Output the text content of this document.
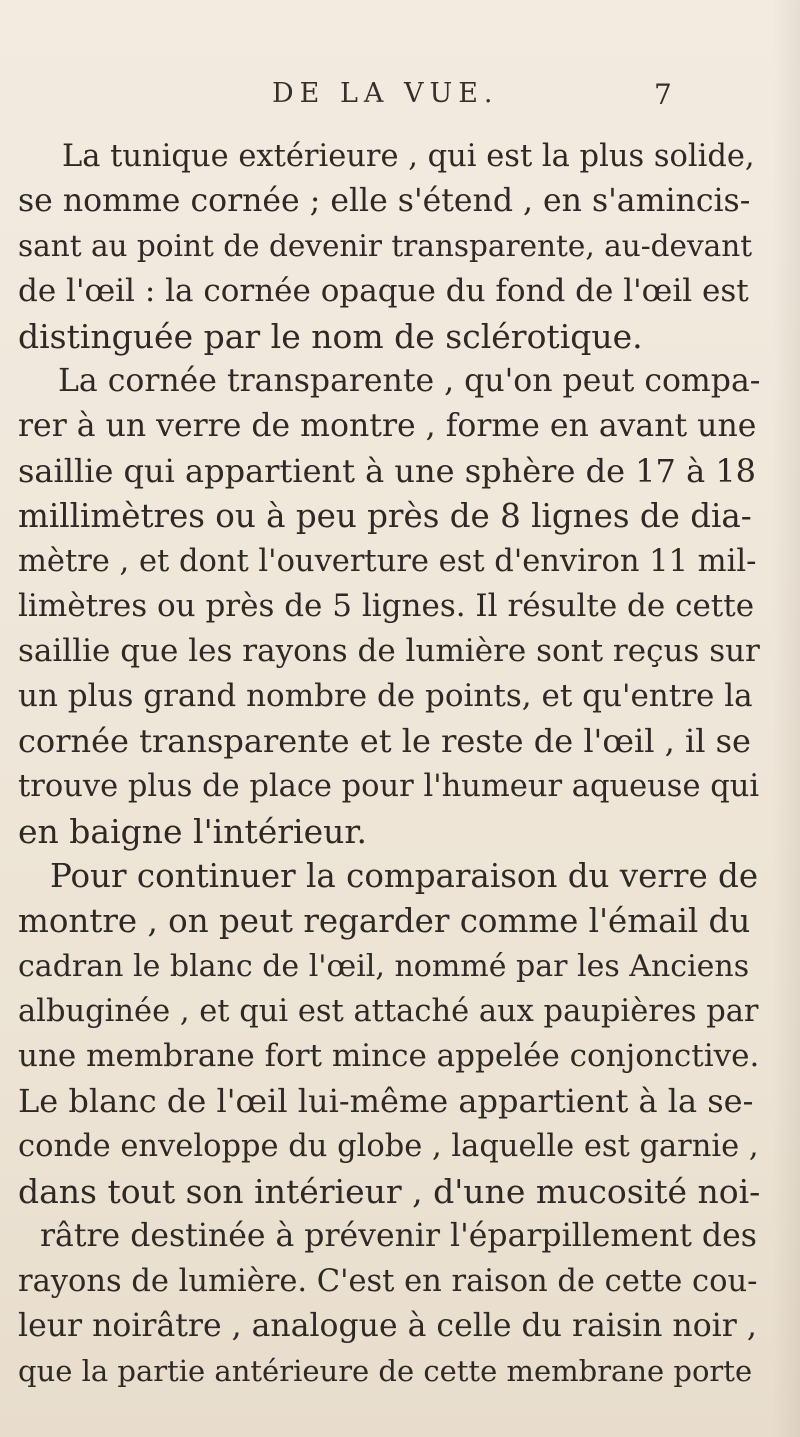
DE LA VUE.	7
La tunique extérieure , qui est la plus solide,
se nomme cornée ; elle s'étend , en s'amincis-
sant au point de devenir transparente, au-devant
de l'œil : la cornée opaque du fond de l'œil est
distinguée par le nom de sclérotique.
La cornée transparente , qu'on peut compa-
rer à un verre de montre , forme en avant une
saillie qui appartient à une sphère de 17 à 18
millimètres ou à peu près de 8 lignes de dia-
mètre , et dont l'ouverture est d'environ 11 mil-
limètres ou près de 5 lignes. Il résulte de cette
saillie que les rayons de lumière sont reçus sur
un plus grand nombre de points, et qu'entre la
cornée transparente et le reste de l'œil , il se
trouve plus de place pour l'humeur aqueuse qui
en baigne l'intérieur.
Pour continuer la comparaison du verre de
montre , on peut regarder comme l'émail du
cadran le blanc de l'œil, nommé par les Anciens
albuginée , et qui est attaché aux paupières par
une membrane fort mince appelée conjonctive.
Le blanc de l'œil lui-même appartient à la se-
conde enveloppe du globe , laquelle est garnie ,
dans tout son intérieur , d'une mucosité noi-
râtre destinée à prévenir l'éparpillement des
rayons de lumière. C'est en raison de cette cou-
leur noirâtre , analogue à celle du raisin noir ,
que la partie antérieure de cette membrane porte
